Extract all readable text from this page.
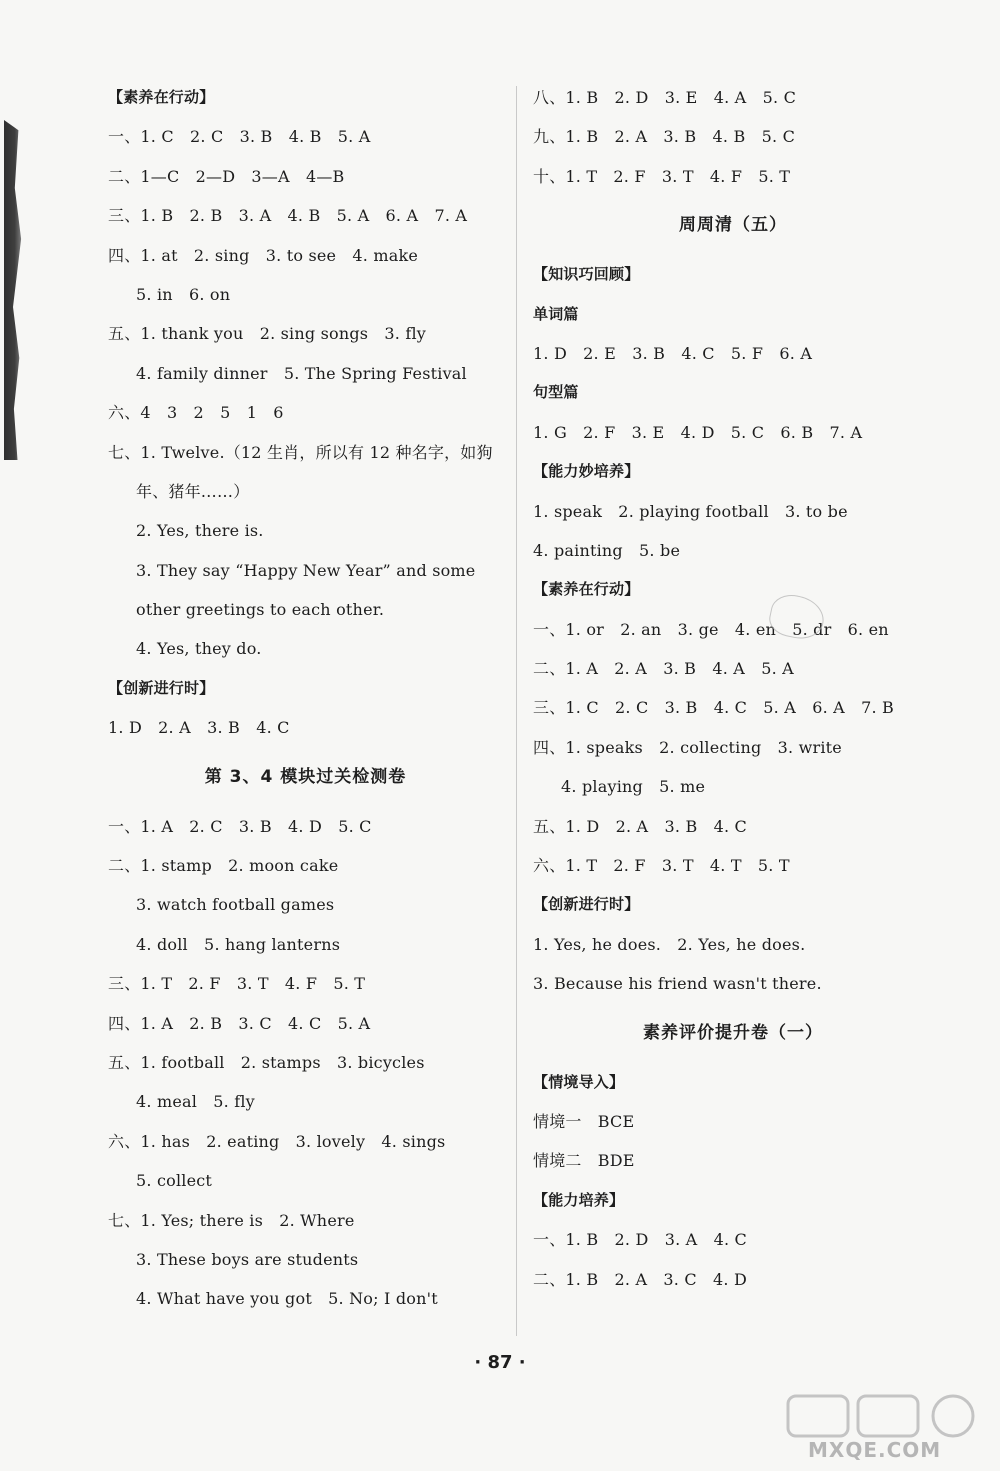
【素养在行动】
一、1. C　2. C　3. B　4. B　5. A
二、1—C　2—D　3—A　4—B
三、1. B　2. B　3. A　4. B　5. A　6. A　7. A
四、1. at　2. sing　3. to see　4. make
5. in　6. on
五、1. thank you　2. sing songs　3. fly
4. family dinner　5. The Spring Festival
六、4　3　2　5　1　6
七、1. Twelve.（12 生肖，所以有 12 种名字，如狗
年、猪年……）
2. Yes, there is.
3. They say “Happy New Year” and some
other greetings to each other.
4. Yes, they do.
【创新进行时】
1. D　2. A　3. B　4. C
第 3、4 模块过关检测卷
一、1. A　2. C　3. B　4. D　5. C
二、1. stamp　2. moon cake
3. watch football games
4. doll　5. hang lanterns
三、1. T　2. F　3. T　4. F　5. T
四、1. A　2. B　3. C　4. C　5. A
五、1. football　2. stamps　3. bicycles
4. meal　5. fly
六、1. has　2. eating　3. lovely　4. sings
5. collect
七、1. Yes; there is　2. Where
3. These boys are students
4. What have you got　5. No; I don't
八、1. B　2. D　3. E　4. A　5. C
九、1. B　2. A　3. B　4. B　5. C
十、1. T　2. F　3. T　4. F　5. T
周周清（五）
【知识巧回顾】
单词篇
1. D　2. E　3. B　4. C　5. F　6. A
句型篇
1. G　2. F　3. E　4. D　5. C　6. B　7. A
【能力妙培养】
1. speak　2. playing football　3. to be
4. painting　5. be
【素养在行动】
一、1. or　2. an　3. ge　4. en　5. dr　6. en
二、1. A　2. A　3. B　4. A　5. A
三、1. C　2. C　3. B　4. C　5. A　6. A　7. B
四、1. speaks　2. collecting　3. write
4. playing　5. me
五、1. D　2. A　3. B　4. C
六、1. T　2. F　3. T　4. T　5. T
【创新进行时】
1. Yes, he does.　2. Yes, he does.
3. Because his friend wasn't there.
素养评价提升卷（一）
【情境导入】
情境一　BCE
情境二　BDE
【能力培养】
一、1. B　2. D　3. A　4. C
二、1. B　2. A　3. C　4. D
· 87 ·
MXQE.COM
